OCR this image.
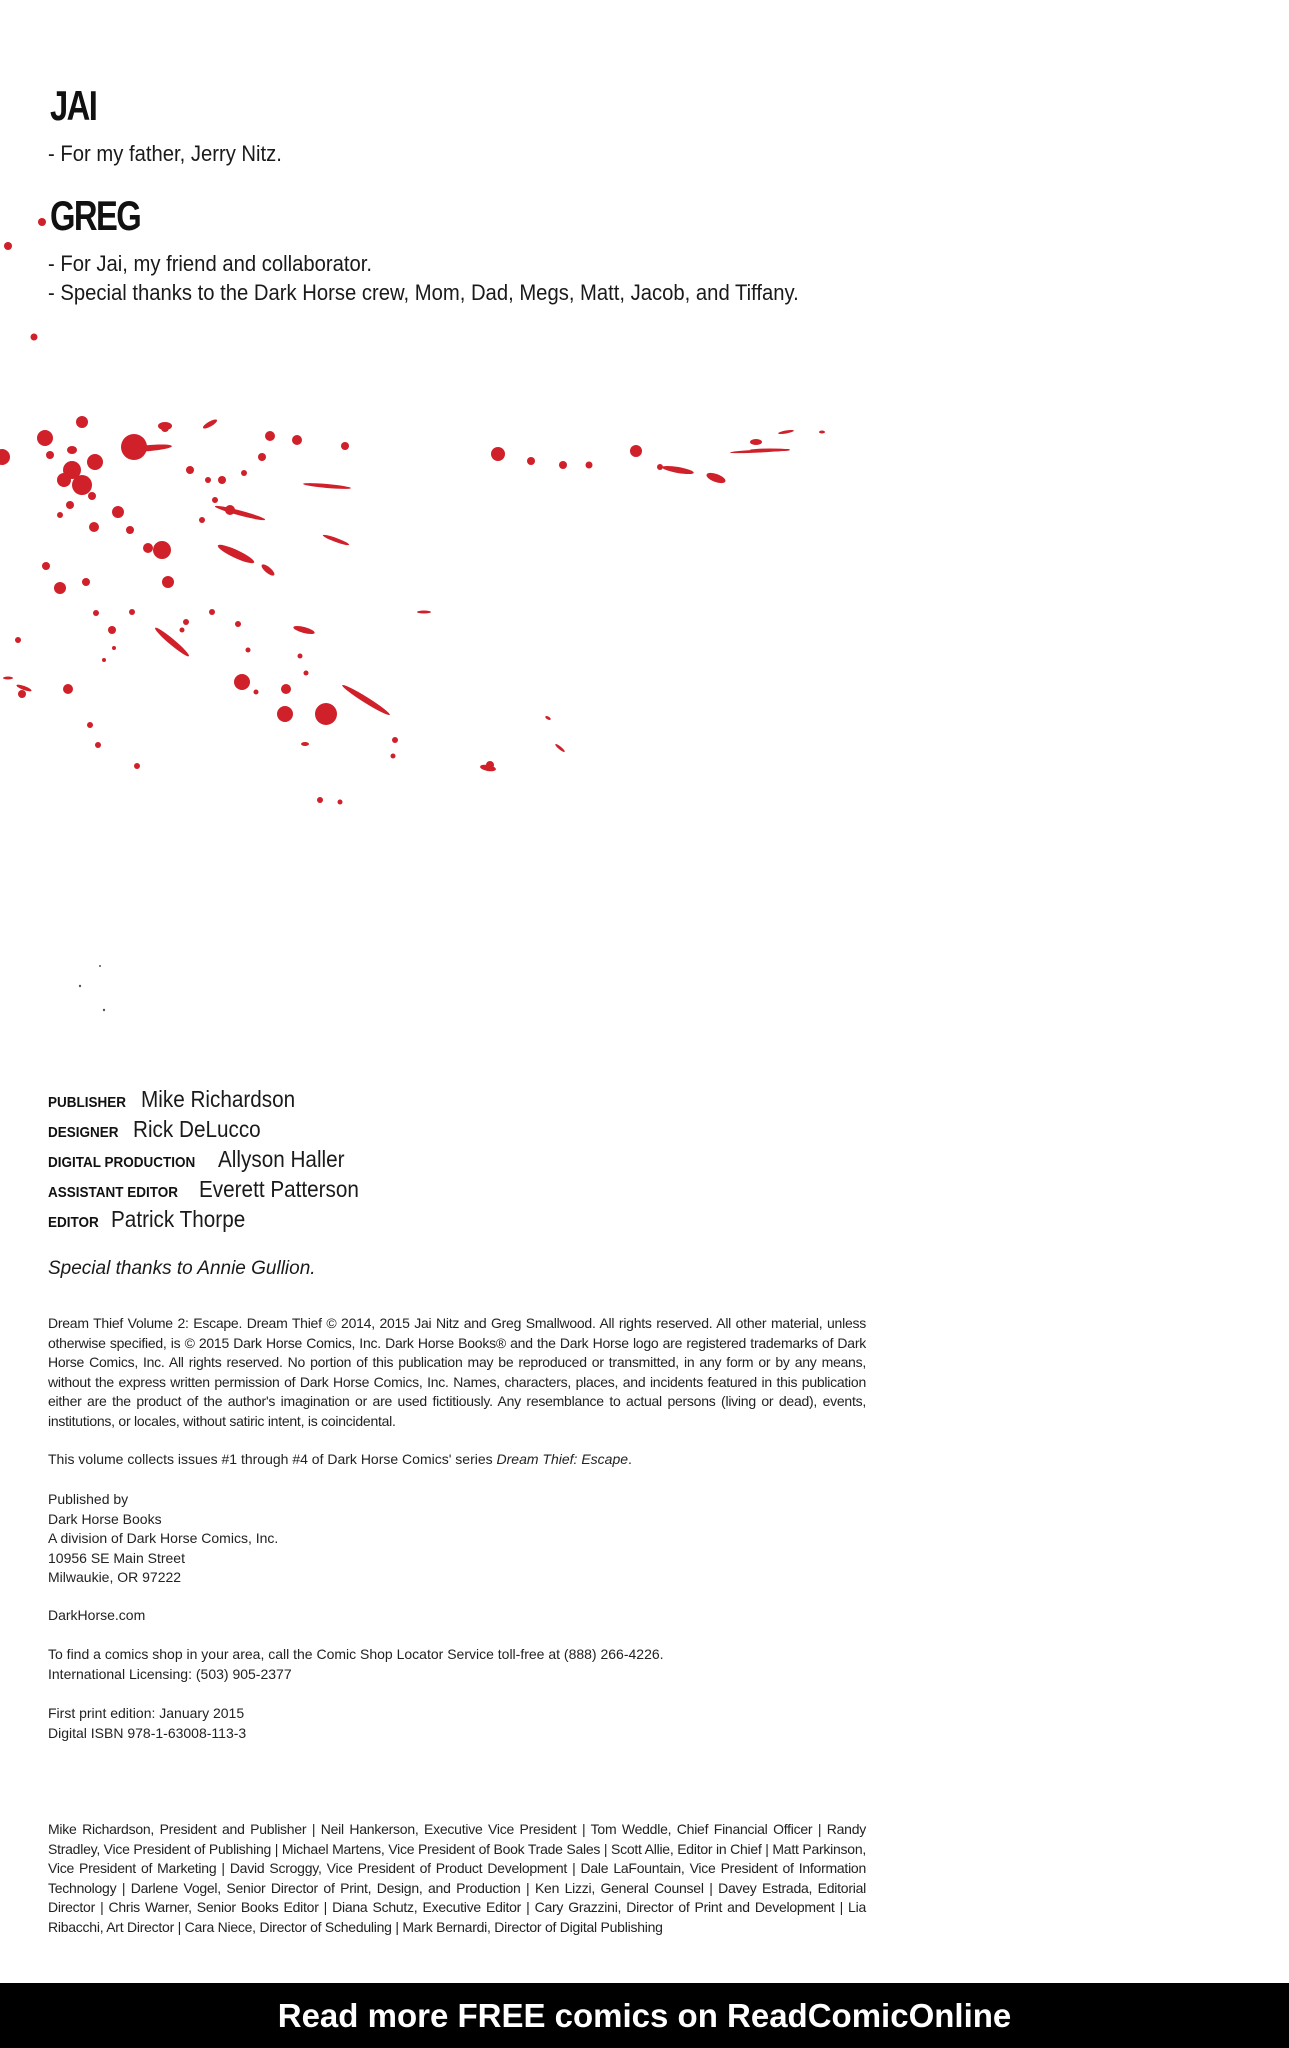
JAI
- For my father, Jerry Nitz.
GREG
- For Jai, my friend and collaborator.
- Special thanks to the Dark Horse crew, Mom, Dad, Megs, Matt, Jacob, and Tiffany.
PUBLISHER Mike Richardson
DESIGNER Rick DeLucco
DIGITAL PRODUCTION Allyson Haller
ASSISTANT EDITOR Everett Patterson
EDITOR Patrick Thorpe
Special thanks to Annie Gullion.
Dream Thief Volume 2: Escape. Dream Thief © 2014, 2015 Jai Nitz and Greg Smallwood. All rights reserved. All other material, unless otherwise specified, is © 2015 Dark Horse Comics, Inc. Dark Horse Books® and the Dark Horse logo are registered trademarks of Dark Horse Comics, Inc. All rights reserved. No portion of this publication may be reproduced or transmitted, in any form or by any means, without the express written permission of Dark Horse Comics, Inc. Names, characters, places, and incidents featured in this publication either are the product of the author's imagination or are used fictitiously. Any resemblance to actual persons (living or dead), events, institutions, or locales, without satiric intent, is coincidental.
This volume collects issues #1 through #4 of Dark Horse Comics' series Dream Thief: Escape.
Published by
Dark Horse Books
A division of Dark Horse Comics, Inc.
10956 SE Main Street
Milwaukie, OR 97222
DarkHorse.com
To find a comics shop in your area, call the Comic Shop Locator Service toll-free at (888) 266-4226.
International Licensing: (503) 905-2377
First print edition: January 2015
Digital ISBN 978-1-63008-113-3
Mike Richardson, President and Publisher | Neil Hankerson, Executive Vice President | Tom Weddle, Chief Financial Officer | Randy Stradley, Vice President of Publishing | Michael Martens, Vice President of Book Trade Sales | Scott Allie, Editor in Chief | Matt Parkinson, Vice President of Marketing | David Scroggy, Vice President of Product Development | Dale LaFountain, Vice President of Information Technology | Darlene Vogel, Senior Director of Print, Design, and Production | Ken Lizzi, General Counsel | Davey Estrada, Editorial Director | Chris Warner, Senior Books Editor | Diana Schutz, Executive Editor | Cary Grazzini, Director of Print and Development | Lia Ribacchi, Art Director | Cara Niece, Director of Scheduling | Mark Bernardi, Director of Digital Publishing
Read more FREE comics on ReadComicOnline
